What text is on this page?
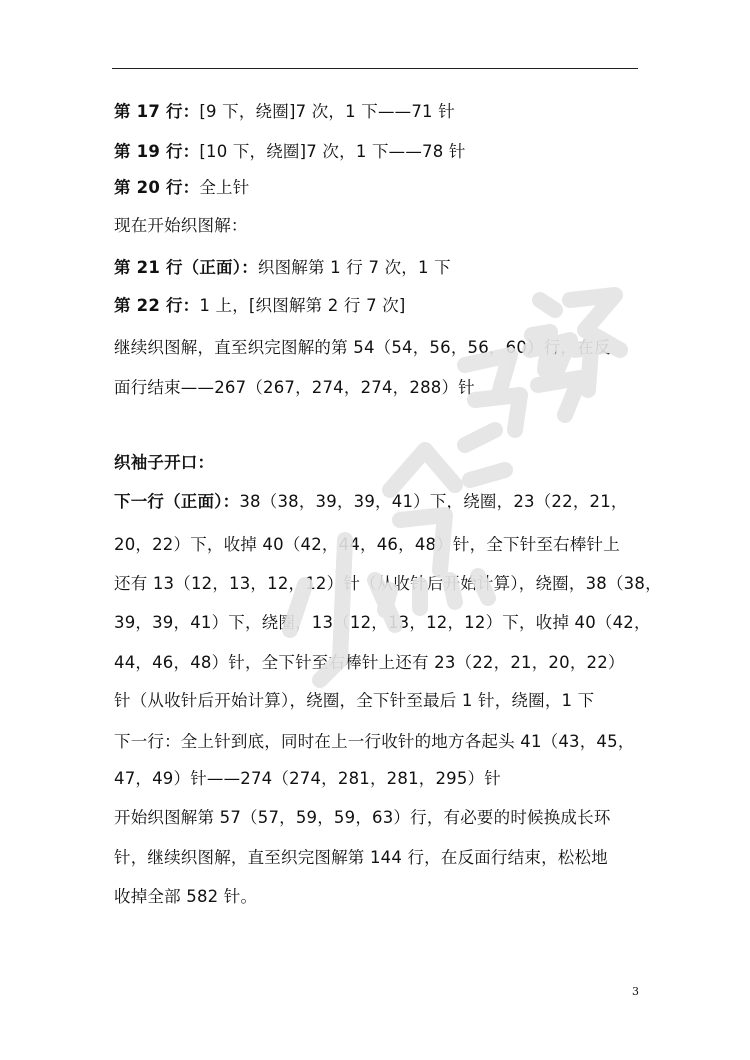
第 17 行：[9 下，绕圈]7 次，1 下——71 针
第 19 行：[10 下，绕圈]7 次，1 下——78 针
第 20 行：全上针
现在开始织图解：
第 21 行（正面）：织图解第 1 行 7 次，1 下
第 22 行：1 上，[织图解第 2 行 7 次]
继续织图解，直至织完图解的第 54（54，56，56，60）行，在反
面行结束——267（267，274，274，288）针
织袖子开口：
下一行（正面）：38（38，39，39，41）下，绕圈，23（22，21，
20，22）下，收掉 40（42，44，46，48）针，全下针至右棒针上
还有 13（12，13，12，12）针（从收针后开始计算），绕圈，38（38，
39，39，41）下，绕圈，13（12，13，12，12）下，收掉 40（42，
44，46，48）针，全下针至右棒针上还有 23（22，21，20，22）
针（从收针后开始计算），绕圈，全下针至最后 1 针，绕圈，1 下
下一行：全上针到底，同时在上一行收针的地方各起头 41（43，45，
47，49）针——274（274，281，281，295）针
开始织图解第 57（57，59，59，63）行，有必要的时候换成长环
针，继续织图解，直至织完图解第 144 行，在反面行结束，松松地
收掉全部 582 针。
3
